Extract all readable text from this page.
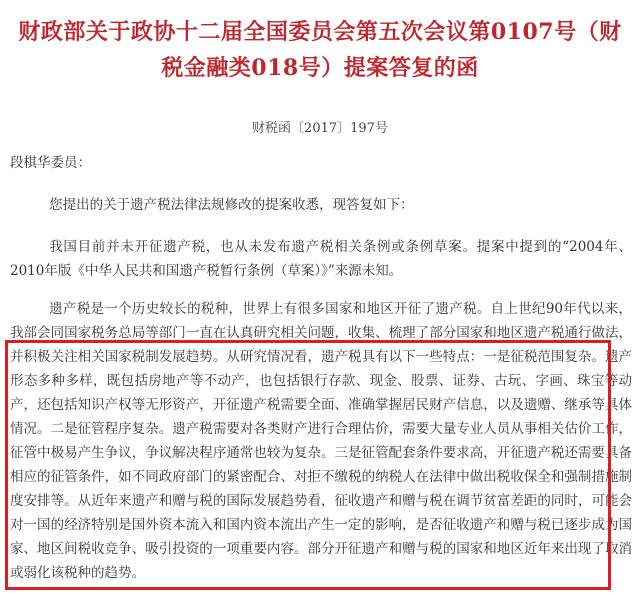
财政部关于政协十二届全国委员会第五次会议第0107号（财税金融类018号）提案答复的函
财税函〔2017〕197号
段棋华委员：
您提出的关于遗产税法律法规修改的提案收悉，现答复如下：
我国目前并未开征遗产税，也从未发布遗产税相关条例或条例草案。提案中提到的“2004年、2010年版《中华人民共和国遗产税暂行条例（草案）》”来源未知。
遗产税是一个历史较长的税种，世界上有很多国家和地区开征了遗产税。自上世纪90年代以来，我部会同国家税务总局等部门一直在认真研究相关问题，收集、梳理了部分国家和地区遗产税通行做法，并积极关注相关国家税制发展趋势。从研究情况看，遗产税具有以下一些特点：一是征税范围复杂。遗产形态多种多样，既包括房地产等不动产，也包括银行存款、现金、股票、证券、古玩、字画、珠宝等动产，还包括知识产权等无形资产，开征遗产税需要全面、准确掌握居民财产信息，以及遗赠、继承等具体情况。二是征管程序复杂。遗产税需要对各类财产进行合理估价，需要大量专业人员从事相关估价工作，征管中极易产生争议，争议解决程序通常也较为复杂。三是征管配套条件要求高，开征遗产税还需要具备相应的征管条件，如不同政府部门的紧密配合、对拒不缴税的纳税人在法律中做出税收保全和强制措施制度安排等。从近年来遗产和赠与税的国际发展趋势看，征收遗产和赠与税在调节贫富差距的同时，可能会对一国的经济特别是国外资本流入和国内资本流出产生一定的影响，是否征收遗产和赠与税已逐步成为国家、地区间税收竞争、吸引投资的一项重要内容。部分开征遗产和赠与税的国家和地区近年来出现了取消或弱化该税种的趋势。
